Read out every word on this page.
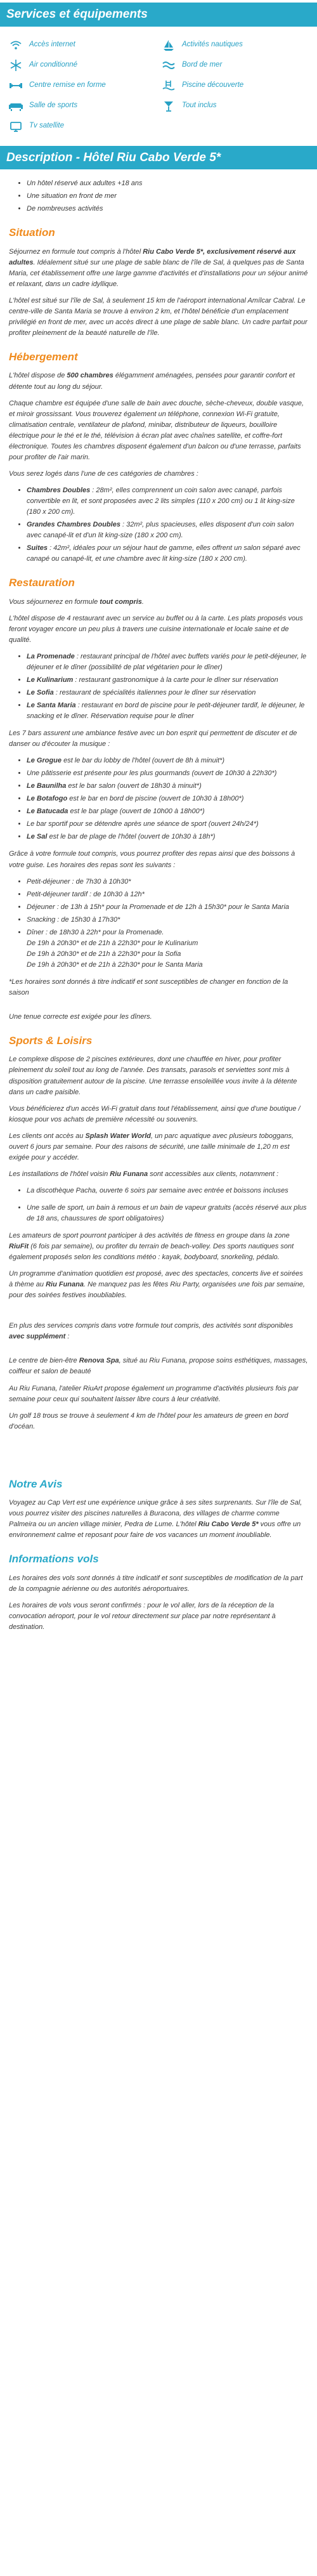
Services et équipements
Accès internet	Activités nautiques
Air conditionné	Bord de mer
Centre remise en forme	Piscine découverte
Salle de sports	Tout inclus
Tv satellite
Description - Hôtel Riu Cabo Verde 5*
• Un hôtel réservé aux adultes +18 ans
• Une situation en front de mer
• De nombreuses activités
Situation

Séjournez en formule tout compris à l'hôtel Riu Cabo Verde 5*, exclusivement réservé aux adultes. Idéalement situé sur une plage de sable blanc de l'île de Sal, à quelques pas de Santa Maria, cet établissement offre une large gamme d'activités et d'installations pour un séjour animé et relaxant, dans un cadre idyllique.

L'hôtel est situé sur l'île de Sal, à seulement 15 km de l'aéroport international Amílcar Cabral. Le centre-ville de Santa Maria se trouve à environ 2 km, et l'hôtel bénéficie d'un emplacement privilégié en front de mer, avec un accès direct à une plage de sable blanc. Un cadre parfait pour profiter pleinement de la beauté naturelle de l'île.

Hébergement

L'hôtel dispose de 500 chambres élégamment aménagées, pensées pour garantir confort et détente tout au long du séjour.

Chaque chambre est équipée d'une salle de bain avec douche, sèche-cheveux, double vasque, et miroir grossissant. Vous trouverez également un téléphone, connexion Wi-Fi gratuite, climatisation centrale, ventilateur de plafond, minibar, distributeur de liqueurs, bouilloire électrique pour le thé et le thé, télévision à écran plat avec chaînes satellite, et coffre-fort électronique. Toutes les chambres disposent également d'un balcon ou d'une terrasse, parfaits pour profiter de l'air marin.

Vous serez logés dans l'une de ces catégories de chambres :

• Chambres Doubles : 28m², elles comprennent un coin salon avec canapé, parfois convertible en lit, et sont proposées avec 2 lits simples (110 x 200 cm) ou 1 lit king-size (180 x 200 cm).
• Grandes Chambres Doubles : 32m², plus spacieuses, elles disposent d'un coin salon avec canapé-lit et d'un lit king-size (180 x 200 cm).
• Suites : 42m², idéales pour un séjour haut de gamme, elles offrent un salon séparé avec canapé ou canapé-lit, et une chambre avec lit king-size (180 x 200 cm).
Restauration

Vous séjournerez en formule tout compris.

L'hôtel dispose de 4 restaurant avec un service au buffet ou à la carte. Les plats proposés vous feront voyager encore un peu plus à travers une cuisine internationale et locale saine et de qualité.

• La Promenade : restaurant principal de l'hôtel avec buffets variés pour le petit-déjeuner, le déjeuner et le dîner (possibilité de plat végétarien pour le dîner)
• Le Kulinarium : restaurant gastronomique à la carte pour le dîner sur réservation
• Le Sofia : restaurant de spécialités italiennes pour le dîner sur réservation
• Le Santa Maria : restaurant en bord de piscine pour le petit-déjeuner tardif, le déjeuner, le snacking et le dîner. Réservation requise pour le dîner

Les 7 bars assurent une ambiance festive avec un bon esprit qui permettent de discuter et de danser ou d'écouter la musique :

• Le Grogue est le bar du lobby de l'hôtel (ouvert de 8h à minuit*)
• Une pâtisserie est présente pour les plus gourmands (ouvert de 10h30 à 22h30*)
• Le Baunilha est le bar salon (ouvert de 18h30 à minuit*)
• Le Botafogo est le bar en bord de piscine (ouvert de 10h30 à 18h00*)
• Le Batucada est le bar plage (ouvert de 10h00 à 18h00*)
• Le bar sportif pour se détendre après une séance de sport (ouvert 24h/24*)
• Le Sal est le bar de plage de l'hôtel (ouvert de 10h30 à 18h*)

Grâce à votre formule tout compris, vous pourrez profiter des repas ainsi que des boissons à votre guise. Les horaires des repas sont les suivants :

• Petit-déjeuner : de 7h30 à 10h30*
• Petit-déjeuner tardif : de 10h30 à 12h*
• Déjeuner : de 13h à 15h* pour la Promenade et de 12h à 15h30* pour le Santa Maria
• Snacking : de 15h30 à 17h30*
• Dîner : de 18h30 à 22h* pour la Promenade.
De 19h à 20h30* et de 21h à 22h30* pour le Kulinarium
De 19h à 20h30* et de 21h à 22h30* pour la Sofia
De 19h à 20h30* et de 21h à 22h30* pour le Santa Maria

*Les horaires sont donnés à titre indicatif et sont susceptibles de changer en fonction de la saison

Une tenue correcte est exigée pour les dîners.

Sports & Loisirs

Le complexe dispose de 2 piscines extérieures, dont une chauffée en hiver, pour profiter pleinement du soleil tout au long de l'année. Des transats, parasols et serviettes sont mis à disposition gratuitement autour de la piscine. Une terrasse ensoleillée vous invite à la détente dans un cadre paisible.

Vous bénéficierez d'un accès Wi-Fi gratuit dans tout l'établissement, ainsi que d'une boutique / kiosque pour vos achats de première nécessité ou souvenirs.

Les clients ont accès au Splash Water World, un parc aquatique avec plusieurs toboggans, ouvert 6 jours par semaine. Pour des raisons de sécurité, une taille minimale de 1,20 m est exigée pour y accéder.

Les installations de l'hôtel voisin Riu Funana sont accessibles aux clients, notamment :

• La discothèque Pacha, ouverte 6 soirs par semaine avec entrée et boissons incluses
• Une salle de sport, un bain à remous et un bain de vapeur gratuits (accès réservé aux plus de 18 ans, chaussures de sport obligatoires)

Les amateurs de sport pourront participer à des activités de fitness en groupe dans la zone RiuFit (6 fois par semaine), ou profiter du terrain de beach-volley. Des sports nautiques sont également proposés selon les conditions météo : kayak, bodyboard, snorkeling, pédalo.

Un programme d'animation quotidien est proposé, avec des spectacles, concerts live et soirées à thème au Riu Funana. Ne manquez pas les fêtes Riu Party, organisées une fois par semaine, pour des soirées festives inoubliables.

En plus des services compris dans votre formule tout compris, des activités sont disponibles avec supplément :

Le centre de bien-être Renova Spa, situé au Riu Funana, propose soins esthétiques, massages, coiffeur et salon de beauté

Au Riu Funana, l'atelier RiuArt propose également un programme d'activités plusieurs fois par semaine pour ceux qui souhaitent laisser libre cours à leur créativité.

Un golf 18 trous se trouve à seulement 4 km de l'hôtel pour les amateurs de green en bord d'océan.

Notre Avis

Voyagez au Cap Vert est une expérience unique grâce à ses sites surprenants. Sur l'île de Sal, vous pourrez visiter des piscines naturelles à Buracona, des villages de charme comme Palmeira ou un ancien village minier, Pedra de Lume. L'hôtel Riu Cabo Verde 5* vous offre un environnement calme et reposant pour faire de vos vacances un moment inoubliable.

Informations vols

Les horaires des vols sont donnés à titre indicatif et sont susceptibles de modification de la part de la compagnie aérienne ou des autorités aéroportuaires.

Les horaires de vols vous seront confirmés : pour le vol aller, lors de la réception de la convocation aéroport, pour le vol retour directement sur place par notre représentant à destination.
